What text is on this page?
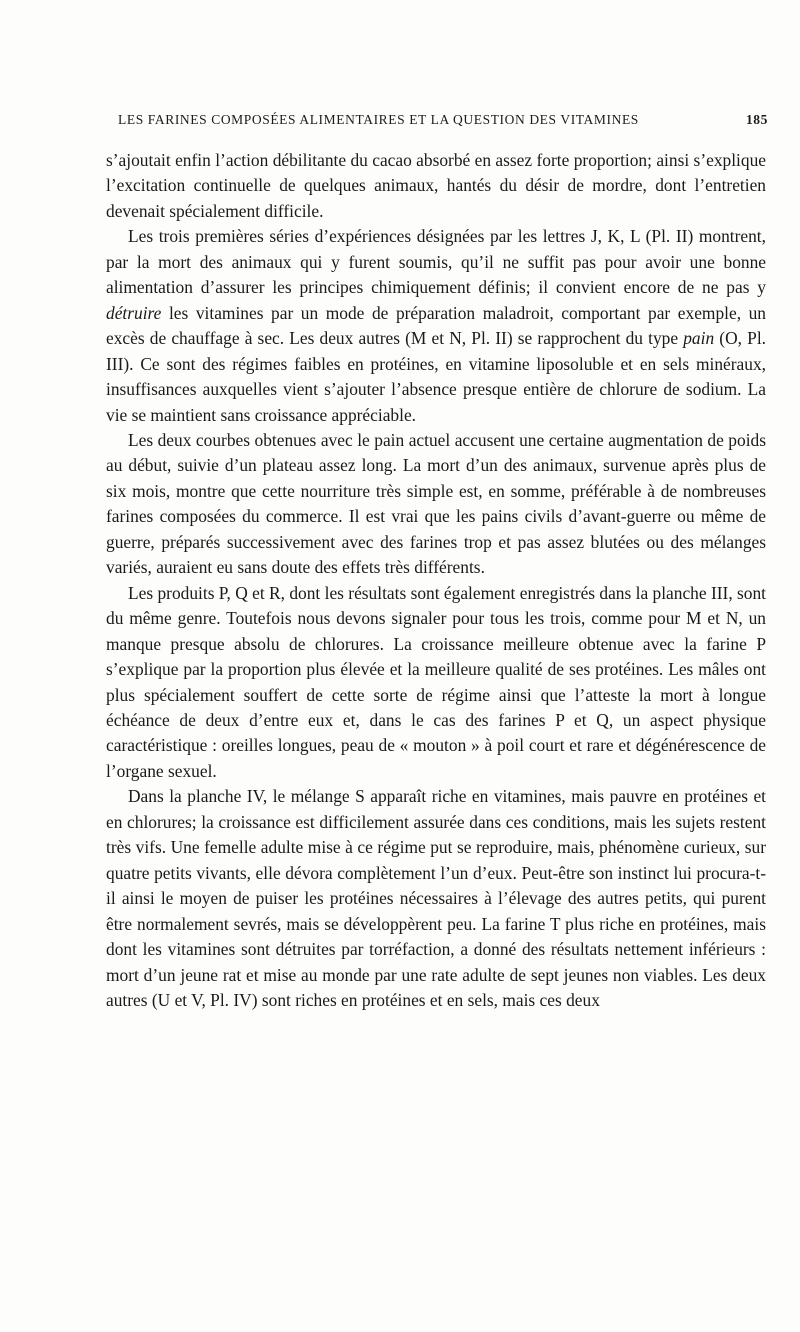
LES FARINES COMPOSÉES ALIMENTAIRES ET LA QUESTION DES VITAMINES	185

s’ajoutait enfin l’action débilitante du cacao absorbé en assez forte proportion; ainsi s’explique l’excitation continuelle de quelques animaux, hantés du désir de mordre, dont l’entretien devenait spécialement difficile.

Les trois premières séries d’expériences désignées par les lettres J, K, L (Pl. II) montrent, par la mort des animaux qui y furent soumis, qu’il ne suffit pas pour avoir une bonne alimentation d’assurer les principes chimiquement définis; il convient encore de ne pas y détruire les vitamines par un mode de préparation maladroit, comportant par exemple, un excès de chauffage à sec. Les deux autres (M et N, Pl. II) se rapprochent du type pain (O, Pl. III). Ce sont des régimes faibles en protéines, en vitamine liposoluble et en sels minéraux, insuffisances auxquelles vient s’ajouter l’absence presque entière de chlorure de sodium. La vie se maintient sans croissance appréciable.

Les deux courbes obtenues avec le pain actuel accusent une certaine augmentation de poids au début, suivie d’un plateau assez long. La mort d’un des animaux, survenue après plus de six mois, montre que cette nourriture très simple est, en somme, préférable à de nombreuses farines composées du commerce. Il est vrai que les pains civils d’avant-guerre ou même de guerre, préparés successivement avec des farines trop et pas assez blutées ou des mélanges variés, auraient eu sans doute des effets très différents.

Les produits P, Q et R, dont les résultats sont également enregistrés dans la planche III, sont du même genre. Toutefois nous devons signaler pour tous les trois, comme pour M et N, un manque presque absolu de chlorures. La croissance meilleure obtenue avec la farine P s’explique par la proportion plus élevée et la meilleure qualité de ses protéines. Les mâles ont plus spécialement souffert de cette sorte de régime ainsi que l’atteste la mort à longue échéance de deux d’entre eux et, dans le cas des farines P et Q, un aspect physique caractéristique : oreilles longues, peau de « mouton » à poil court et rare et dégénérescence de l’organe sexuel.

Dans la planche IV, le mélange S apparaît riche en vitamines, mais pauvre en protéines et en chlorures; la croissance est difficilement assurée dans ces conditions, mais les sujets restent très vifs. Une femelle adulte mise à ce régime put se reproduire, mais, phénomène curieux, sur quatre petits vivants, elle dévora complètement l’un d’eux. Peut-être son instinct lui procura-t-il ainsi le moyen de puiser les protéines nécessaires à l’élevage des autres petits, qui purent être normalement sevrés, mais se développèrent peu. La farine T plus riche en protéines, mais dont les vitamines sont détruites par torréfaction, a donné des résultats nettement inférieurs : mort d’un jeune rat et mise au monde par une rate adulte de sept jeunes non viables. Les deux autres (U et V, Pl. IV) sont riches en protéines et en sels, mais ces deux
